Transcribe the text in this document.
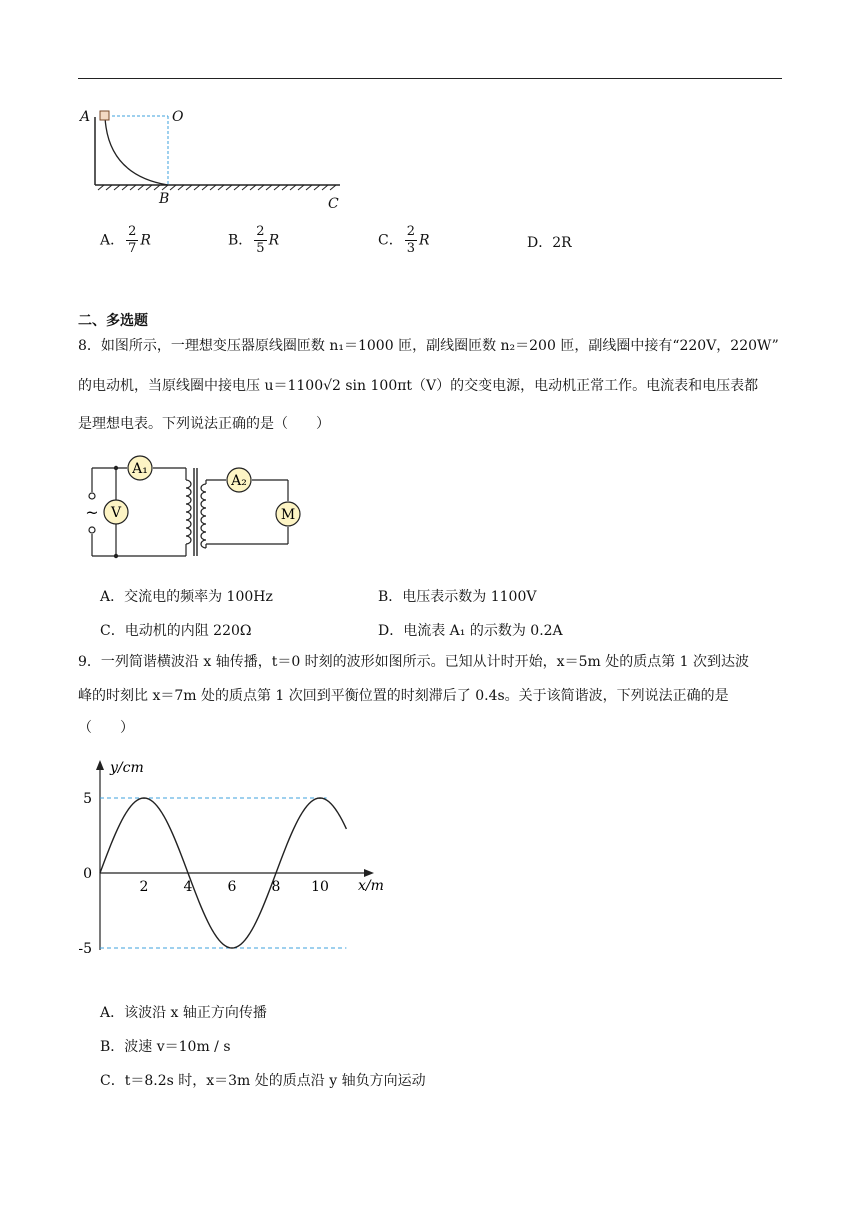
A	O
B	C
A． $\frac{2}{7}$ R	B． $\frac{2}{5}$ R	C． $\frac{2}{3}$ R	D．2R
二、多选题
8．如图所示，一理想变压器原线圈匝数 n₁＝1000 匝，副线圈匝数 n₂＝200 匝，副线圈中接有“220V，220W”
的电动机，当原线圈中接电压 u＝1100√2 sin 100πt（V）的交变电源，电动机正常工作。电流表和电压表都
是理想电表。下列说法正确的是（　　）
A₁
V
A₂
M
~
A．交流电的频率为 100Hz	B．电压表示数为 1100V
C．电动机的内阻 220Ω	D．电流表 A₁ 的示数为 0.2A
9．一列简谐横波沿 x 轴传播，t＝0 时刻的波形如图所示。已知从计时开始，x＝5m 处的质点第 1 次到达波
峰的时刻比 x＝7m 处的质点第 1 次回到平衡位置的时刻滞后了 0.4s。关于该简谐波，下列说法正确的是
（　　）
2	4	6	8 10
5
0
-5
x/m
y/cm
A．该波沿 x 轴正方向传播
B．波速 v＝10m / s
C．t＝8.2s 时，x＝3m 处的质点沿 y 轴负方向运动
